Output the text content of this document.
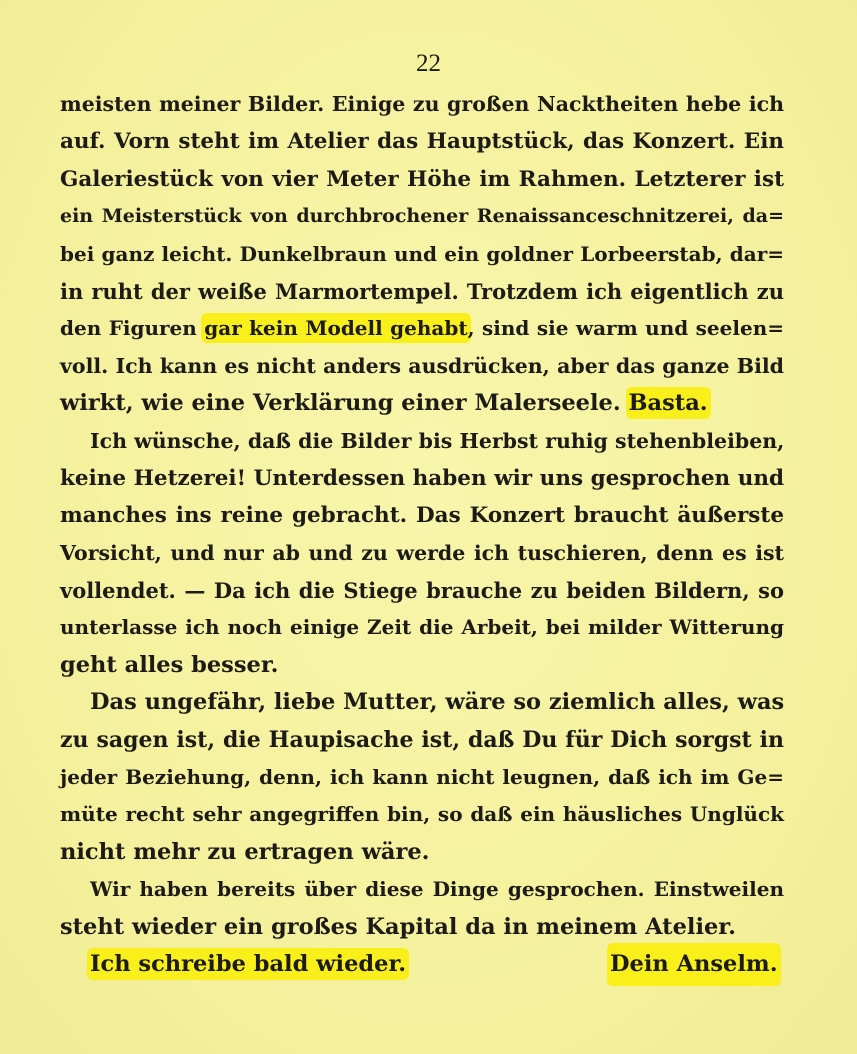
22
meisten meiner Bilder. Einige zu großen Nacktheiten hebe ich
auf. Vorn steht im Atelier das Hauptstück, das Konzert. Ein
Galeriestück von vier Meter Höhe im Rahmen. Letzterer ist
ein Meisterstück von durchbrochener Renaissanceschnitzerei, da=
bei ganz leicht. Dunkelbraun und ein goldner Lorbeerstab, dar=
in ruht der weiße Marmortempel. Trotzdem ich eigentlich zu
den Figuren gar kein Modell gehabt, sind sie warm und seelen=
voll. Ich kann es nicht anders ausdrücken, aber das ganze Bild
wirkt, wie eine Verklärung einer Malerseele. Basta.
Ich wünsche, daß die Bilder bis Herbst ruhig stehenbleiben,
keine Hetzerei! Unterdessen haben wir uns gesprochen und
manches ins reine gebracht. Das Konzert braucht äußerste
Vorsicht, und nur ab und zu werde ich tuschieren, denn es ist
vollendet. — Da ich die Stiege brauche zu beiden Bildern, so
unterlasse ich noch einige Zeit die Arbeit, bei milder Witterung
geht alles besser.
Das ungefähr, liebe Mutter, wäre so ziemlich alles, was
zu sagen ist, die Haupisache ist, daß Du für Dich sorgst in
jeder Beziehung, denn, ich kann nicht leugnen, daß ich im Ge=
müte recht sehr angegriffen bin, so daß ein häusliches Unglück
nicht mehr zu ertragen wäre.
Wir haben bereits über diese Dinge gesprochen. Einstweilen
steht wieder ein großes Kapital da in meinem Atelier.
Ich schreibe bald wieder.	Dein Anselm.
